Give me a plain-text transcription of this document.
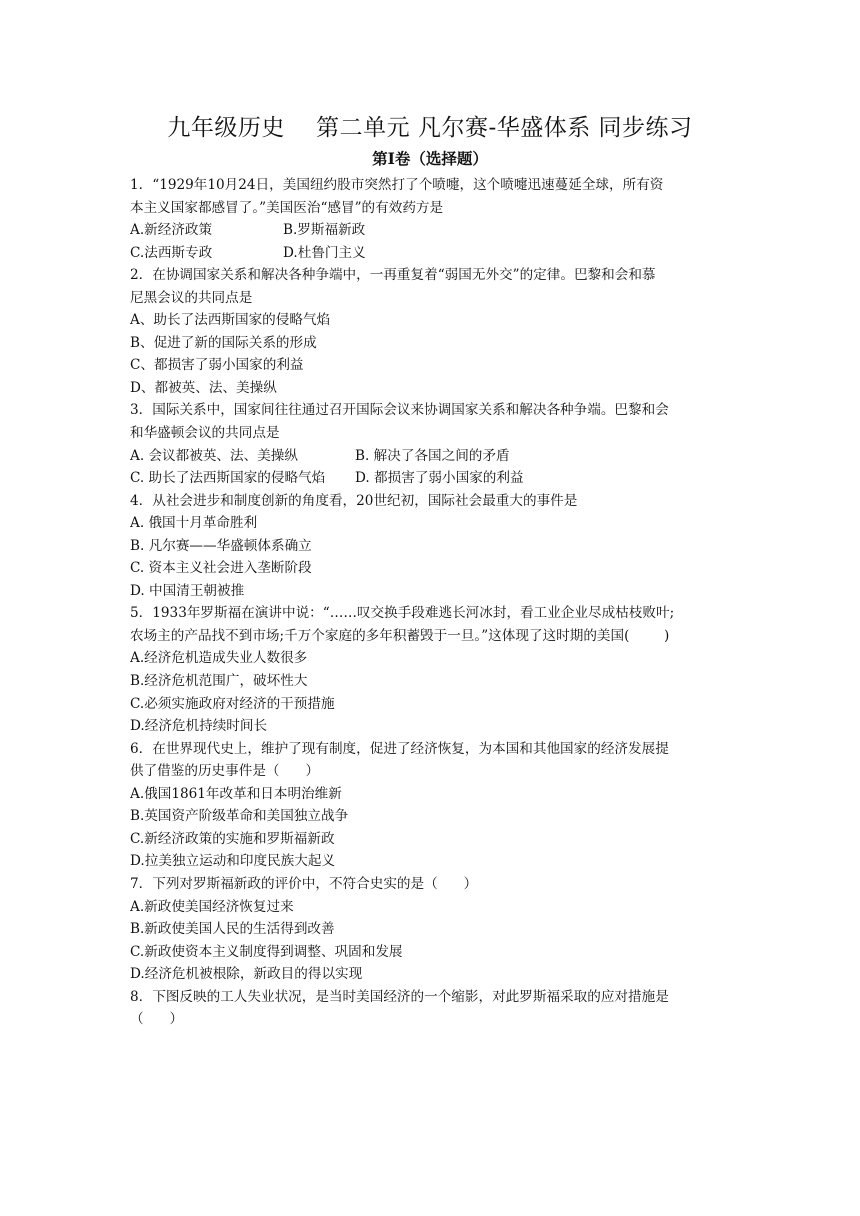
九年级历史    第二单元 凡尔赛-华盛体系 同步练习
第Ⅰ卷（选择题）
1．“1929年10月24日，美国纽约股市突然打了个喷嚏，这个喷嚏迅速蔓延全球，所有资
本主义国家都感冒了。”美国医治“感冒”的有效药方是
A.新经济政策	B.罗斯福新政
C.法西斯专政	D.杜鲁门主义
2．在协调国家关系和解决各种争端中，一再重复着“弱国无外交”的定律。巴黎和会和慕
尼黑会议的共同点是
A、助长了法西斯国家的侵略气焰
B、促进了新的国际关系的形成
C、都损害了弱小国家的利益
D、都被英、法、美操纵
3．国际关系中，国家间往往通过召开国际会议来协调国家关系和解决各种争端。巴黎和会
和华盛顿会议的共同点是
A. 会议都被英、法、美操纵	B. 解决了各国之间的矛盾
C. 助长了法西斯国家的侵略气焰	D. 都损害了弱小国家的利益
4．从社会进步和制度创新的角度看，20世纪初，国际社会最重大的事件是
A. 俄国十月革命胜利
B. 凡尔赛——华盛顿体系确立
C. 资本主义社会进入垄断阶段
D. 中国清王朝被推
5．1933年罗斯福在演讲中说：“……叹交换手段难逃长河冰封，看工业企业尽成枯枝败叶;
农场主的产品找不到市场;千万个家庭的多年积蓄毁于一旦。”这体现了这时期的美国(        )
A.经济危机造成失业人数很多
B.经济危机范围广，破坏性大
C.必须实施政府对经济的干预措施
D.经济危机持续时间长
6．在世界现代史上，维护了现有制度，促进了经济恢复，为本国和其他国家的经济发展提
供了借鉴的历史事件是（      ）
A.俄国1861年改革和日本明治维新
B.英国资产阶级革命和美国独立战争
C.新经济政策的实施和罗斯福新政
D.拉美独立运动和印度民族大起义
7．下列对罗斯福新政的评价中，不符合史实的是（      ）
A.新政使美国经济恢复过来
B.新政使美国人民的生活得到改善
C.新政使资本主义制度得到调整、巩固和发展
D.经济危机被根除，新政目的得以实现
8．下图反映的工人失业状况，是当时美国经济的一个缩影，对此罗斯福采取的应对措施是
（      ）
